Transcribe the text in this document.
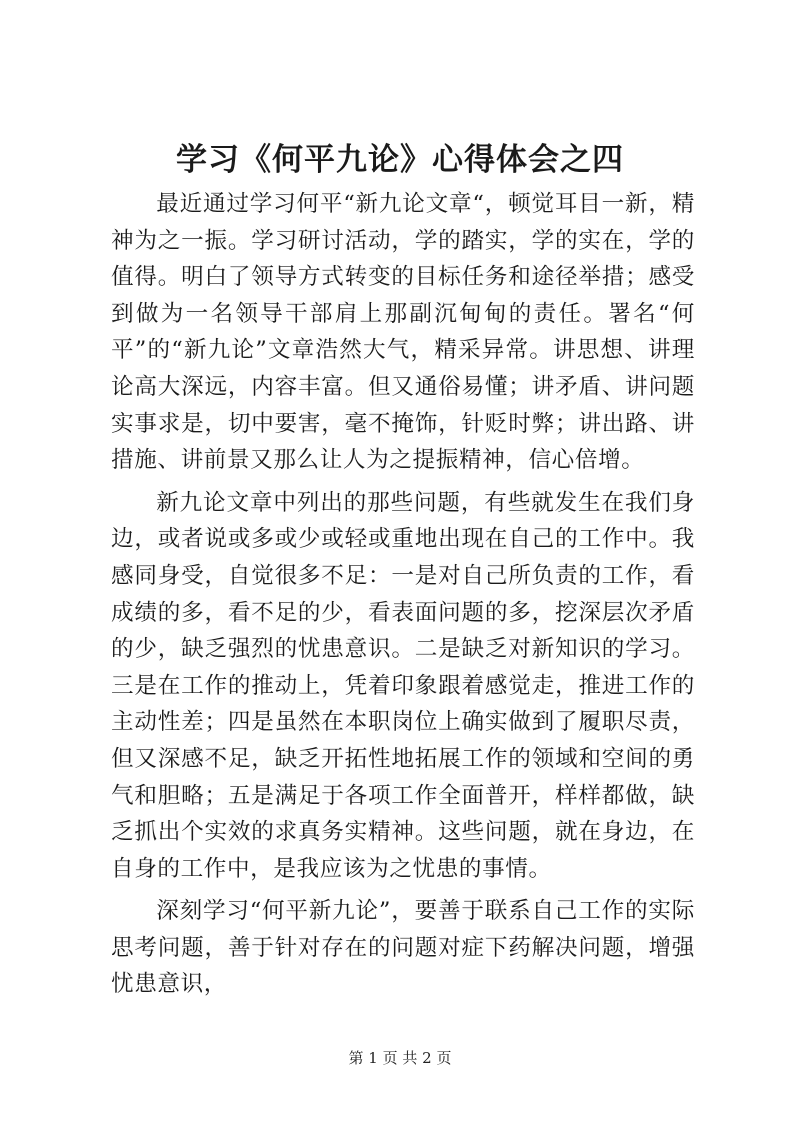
学习《何平九论》心得体会之四

最近通过学习何平“新九论文章“，顿觉耳目一新，精神为之一振。学习研讨活动，学的踏实，学的实在，学的值得。明白了领导方式转变的目标任务和途径举措；感受到做为一名领导干部肩上那副沉甸甸的责任。署名“何平”的“新九论”文章浩然大气，精采异常。讲思想、讲理论高大深远，内容丰富。但又通俗易懂；讲矛盾、讲问题实事求是，切中要害，毫不掩饰，针贬时弊；讲出路、讲措施、讲前景又那么让人为之提振精神，信心倍增。

新九论文章中列出的那些问题，有些就发生在我们身边，或者说或多或少或轻或重地出现在自己的工作中。我感同身受，自觉很多不足：一是对自己所负责的工作，看成绩的多，看不足的少，看表面问题的多，挖深层次矛盾的少，缺乏强烈的忧患意识。二是缺乏对新知识的学习。三是在工作的推动上，凭着印象跟着感觉走，推进工作的主动性差；四是虽然在本职岗位上确实做到了履职尽责，但又深感不足，缺乏开拓性地拓展工作的领域和空间的勇气和胆略；五是满足于各项工作全面普开，样样都做，缺乏抓出个实效的求真务实精神。这些问题，就在身边，在自身的工作中，是我应该为之忧患的事情。

深刻学习“何平新九论”，要善于联系自己工作的实际思考问题，善于针对存在的问题对症下药解决问题，增强忧患意识，

第 1 页 共 2 页
